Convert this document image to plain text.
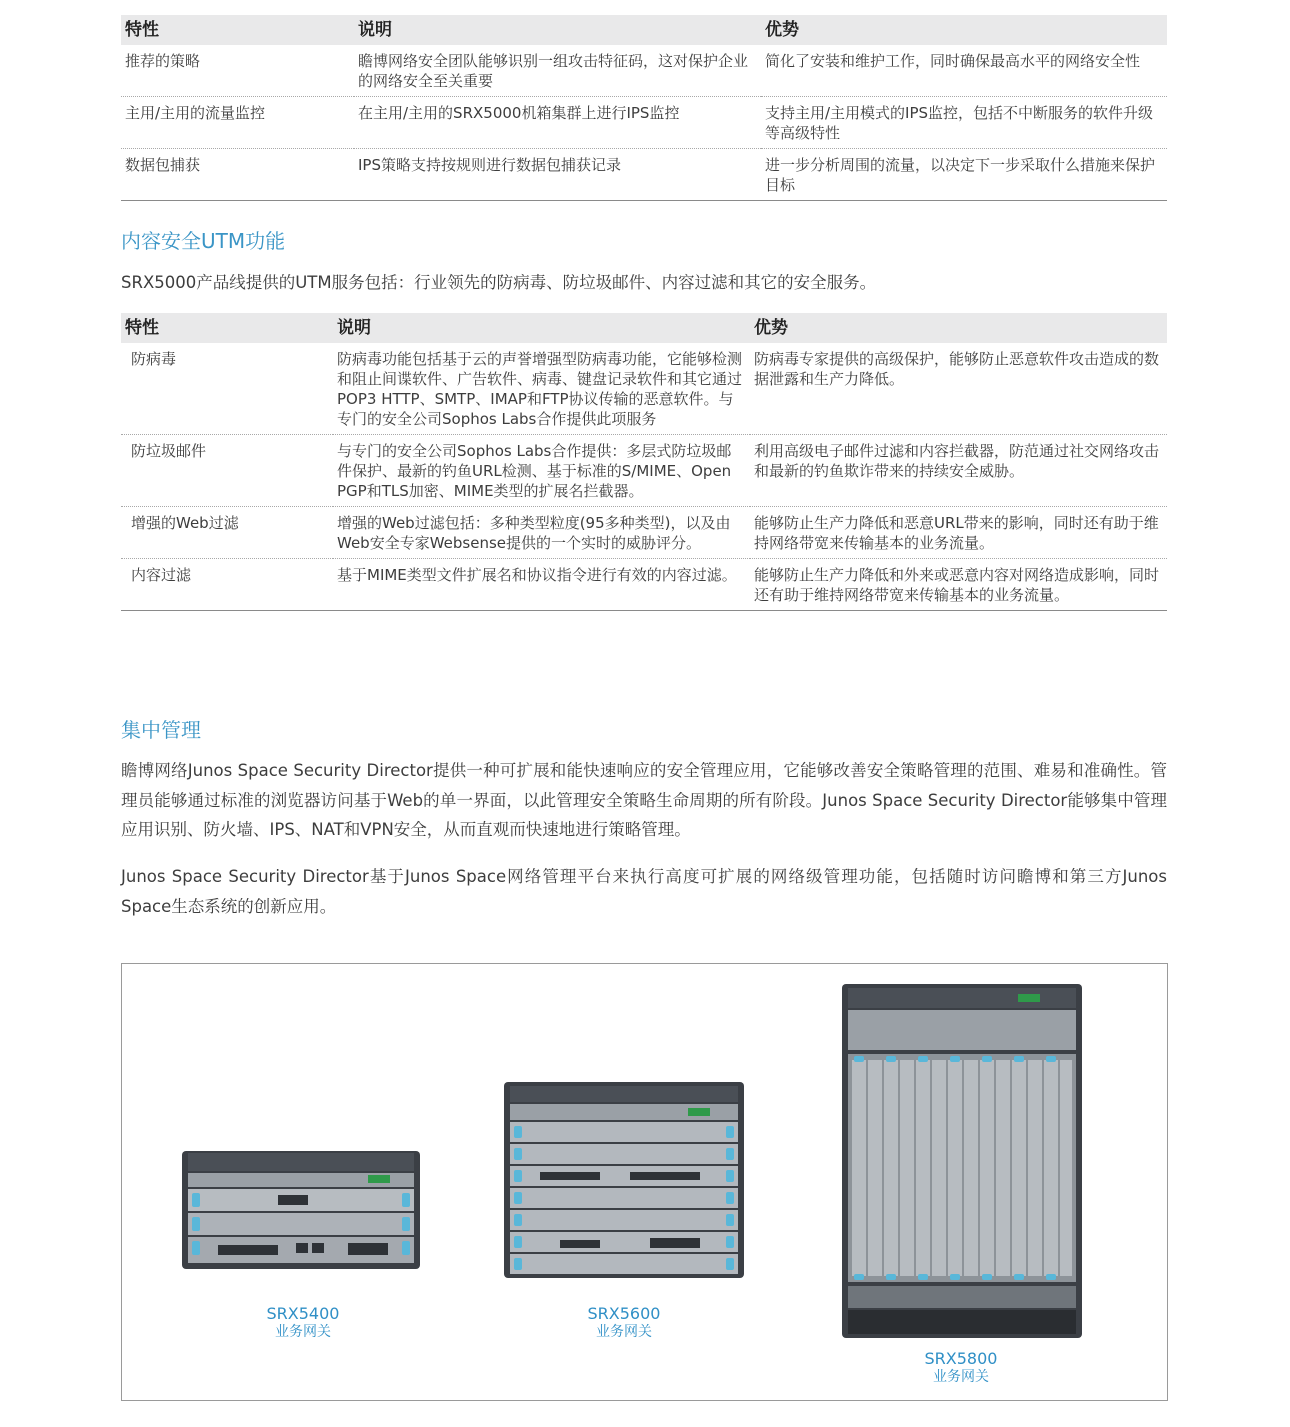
特性	说明	优势
推荐的策略	瞻博网络安全团队能够识别一组攻击特征码，这对保护企业的网络安全至关重要	简化了安装和维护工作，同时确保最高水平的网络安全性
主用/主用的流量监控	在主用/主用的SRX5000机箱集群上进行IPS监控	支持主用/主用模式的IPS监控，包括不中断服务的软件升级等高级特性
数据包捕获	IPS策略支持按规则进行数据包捕获记录	进一步分析周围的流量，以决定下一步采取什么措施来保护目标
内容安全UTM功能

SRX5000产品线提供的UTM服务包括：行业领先的防病毒、防垃圾邮件、内容过滤和其它的安全服务。

特性	说明	优势
防病毒	防病毒功能包括基于云的声誉增强型防病毒功能，它能够检测和阻止间谍软件、广告软件、病毒、键盘记录软件和其它通过POP3 HTTP、SMTP、IMAP和FTP协议传输的恶意软件。与专门的安全公司Sophos Labs合作提供此项服务	防病毒专家提供的高级保护，能够防止恶意软件攻击造成的数据泄露和生产力降低。
防垃圾邮件	与专门的安全公司Sophos Labs合作提供：多层式防垃圾邮件保护、最新的钓鱼URL检测、基于标准的S/MIME、Open PGP和TLS加密、MIME类型的扩展名拦截器。	利用高级电子邮件过滤和内容拦截器，防范通过社交网络攻击和最新的钓鱼欺诈带来的持续安全威胁。
增强的Web过滤	增强的Web过滤包括：多种类型粒度(95多种类型)，以及由Web安全专家Websense提供的一个实时的威胁评分。	能够防止生产力降低和恶意URL带来的影响，同时还有助于维持网络带宽来传输基本的业务流量。
内容过滤	基于MIME类型文件扩展名和协议指令进行有效的内容过滤。	能够防止生产力降低和外来或恶意内容对网络造成影响，同时还有助于维持网络带宽来传输基本的业务流量。
集中管理

瞻博网络Junos Space Security Director提供一种可扩展和能快速响应的安全管理应用，它能够改善安全策略管理的范围、难易和准确性。管理员能够通过标准的浏览器访问基于Web的单一界面，以此管理安全策略生命周期的所有阶段。Junos Space Security Director能够集中管理应用识别、防火墙、IPS、NAT和VPN安全，从而直观而快速地进行策略管理。

Junos Space Security Director基于Junos Space网络管理平台来执行高度可扩展的网络级管理功能，包括随时访问瞻博和第三方Junos Space生态系统的创新应用。

SRX5400
业务网关
SRX5600
业务网关
SRX5800
业务网关
